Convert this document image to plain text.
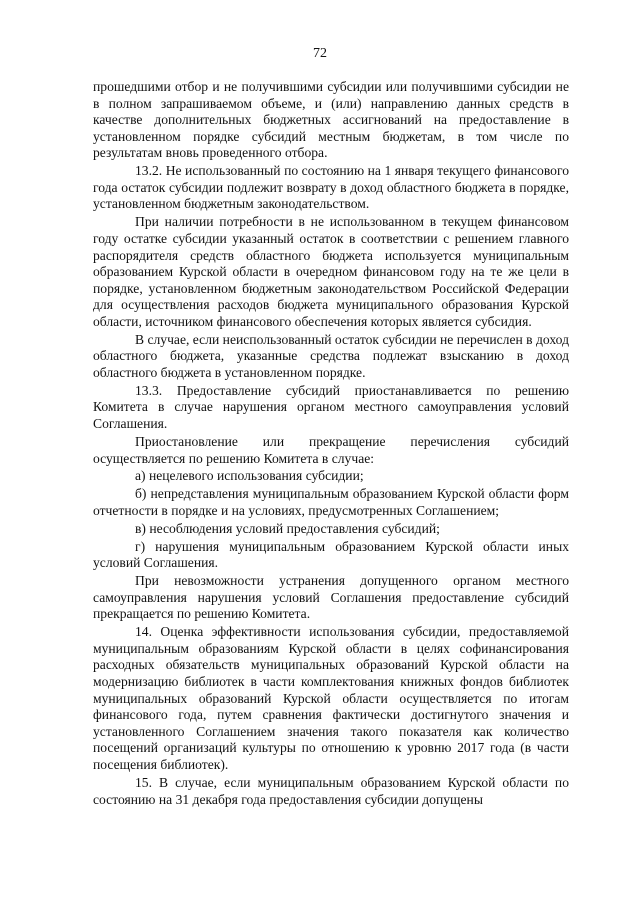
72

прошедшими отбор и не получившими субсидии или получившими субсидии не в полном запрашиваемом объеме, и (или) направлению данных средств в качестве дополнительных бюджетных ассигнований на предоставление в установленном порядке субсидий местным бюджетам, в том числе по результатам вновь проведенного отбора.

13.2. Не использованный по состоянию на 1 января текущего финансового года остаток субсидии подлежит возврату в доход областного бюджета в порядке, установленном бюджетным законодательством.

При наличии потребности в не использованном в текущем финансовом году остатке субсидии указанный остаток в соответствии с решением главного распорядителя средств областного бюджета используется муниципальным образованием Курской области в очередном финансовом году на те же цели в порядке, установленном бюджетным законодательством Российской Федерации для осуществления расходов бюджета муниципального образования Курской области, источником финансового обеспечения которых является субсидия.

В случае, если неиспользованный остаток субсидии не перечислен в доход областного бюджета, указанные средства подлежат взысканию в доход областного бюджета в установленном порядке.

13.3. Предоставление субсидий приостанавливается по решению Комитета в случае нарушения органом местного самоуправления условий Соглашения.

Приостановление или прекращение перечисления субсидий осуществляется по решению Комитета в случае:

а) нецелевого использования субсидии;

б) непредставления муниципальным образованием Курской области форм отчетности в порядке и на условиях, предусмотренных Соглашением;

в) несоблюдения условий предоставления субсидий;

г) нарушения муниципальным образованием Курской области иных условий Соглашения.

При невозможности устранения допущенного органом местного самоуправления нарушения условий Соглашения предоставление субсидий прекращается по решению Комитета.

14. Оценка эффективности использования субсидии, предоставляемой муниципальным образованиям Курской области в целях софинансирования расходных обязательств муниципальных образований Курской области на модернизацию библиотек в части комплектования книжных фондов библиотек муниципальных образований Курской области осуществляется по итогам финансового года, путем сравнения фактически достигнутого значения и установленного Соглашением значения такого показателя как количество посещений организаций культуры по отношению к уровню 2017 года (в части посещения библиотек).

15. В случае, если муниципальным образованием Курской области по состоянию на 31 декабря года предоставления субсидии допущены
